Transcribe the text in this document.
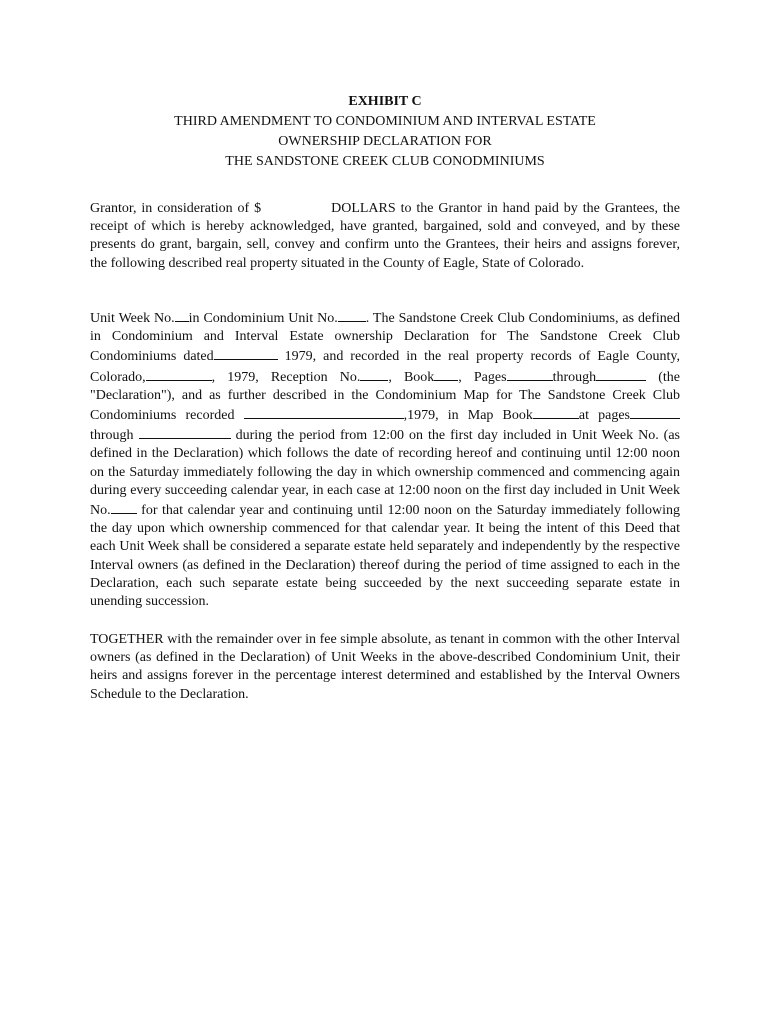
EXHIBIT C
THIRD AMENDMENT TO CONDOMINIUM AND INTERVAL ESTATE
OWNERSHIP DECLARATION FOR
THE SANDSTONE CREEK CLUB CONODMINIUMS

Grantor, in consideration of $	DOLLARS to the Grantor in hand paid by the Grantees, the receipt of which is hereby acknowledged, have granted, bargained, sold and conveyed, and by these presents do grant, bargain, sell, convey and confirm unto the Grantees, their heirs and assigns forever, the following described real property situated in the County of Eagle, State of Colorado.

Unit Week No. in Condominium Unit No. . The Sandstone Creek Club Condominiums, as defined in Condominium and Interval Estate ownership Declaration for The Sandstone Creek Club Condominiums dated	1979, and recorded in the real property records of Eagle County, Colorado,	, 1979, Reception No. , Book , Pages	through	(the "Declaration"), and as further described in the Condominium Map for The Sandstone Creek Club Condominiums recorded	,1979, in Map Book	at pages through	during the period from 12:00 on the first day included in Unit Week No. (as defined in the Declaration) which follows the date of recording hereof and continuing until 12:00 noon on the Saturday immediately following the day in which ownership commenced and commencing again during every succeeding calendar year, in each case at 12:00 noon on the first day included in Unit Week No. for that calendar year and continuing until 12:00 noon on the Saturday immediately following the day upon which ownership commenced for that calendar year. It being the intent of this Deed that each Unit Week shall be considered a separate estate held separately and independently by the respective Interval owners (as defined in the Declaration) thereof during the period of time assigned to each in the Declaration, each such separate estate being succeeded by the next succeeding separate estate in unending succession.

TOGETHER with the remainder over in fee simple absolute, as tenant in common with the other Interval owners (as defined in the Declaration) of Unit Weeks in the above-described Condominium Unit, their heirs and assigns forever in the percentage interest determined and established by the Interval Owners Schedule to the Declaration.
